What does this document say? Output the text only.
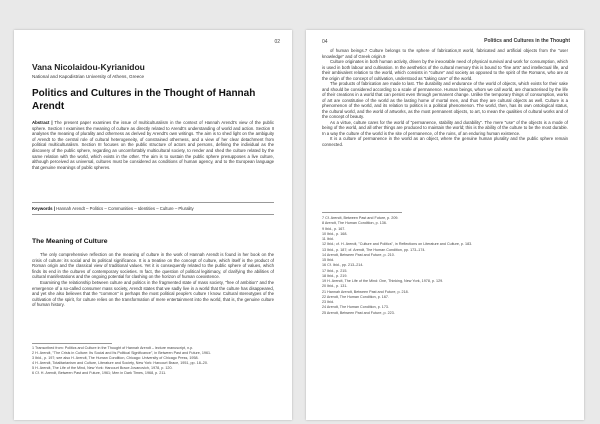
02
Vana Nicolaidou-Kyrianidou
National and Kapodistrian University of Athens, Greece
Politics and Cultures in the Thought of Hannah Arendt
Abstract | The present paper examines the issue of multiculturalism in the context of Hannah Arendt's view of the public sphere. Section I examines the meaning of culture as directly related to Arendt's understanding of world and action. Section II analyses the meaning of plurality and otherness as derived by Arendt's own writings. The aim is to shed light on the ambiguity of Arendt to the central role of cultural heterogeneity, of constrained otherness, and a view of her clear detachment from political multiculturalism. Section III focuses on the public structure of actors and persons, defining the individual as the discovery of the public sphere, regarding an uncomfortably multicultural society, to render and shed the culture related by the same relation with the world, which exists in the other. The aim is to sustain the public sphere presupposes a live culture, although perceived as universal, cultures must be considered as conditions of human agency, and to the European language that genuine meanings of public spheres.
Keywords | Hannah Arendt – Politics – Communities – Identities – Culture – Plurality
The Meaning of Culture

The only comprehensive reflection on the meaning of culture in the work of Hannah Arendt is found in her book on the crisis of culture: its social and its political significance. It is a treatise on the concept of culture, which itself is the product of Roman origin and the classical view of traditional values. Yet it is consequently related to the public sphere of values, which finds its end in the cultures of contemporary societies. In fact, the question of political legitimacy, of clarifying the abilities of cultural manifestations and the ongoing potential for clashing on the horizon of human coexistence.

Examining the relationship between culture and politics in the fragmented state of mass society, "free of ambition" and the emergence of a so-called consumer mass society, Arendt states that we sadly live in a world that the culture has disappeared, and yet she also believes that the "common" is perhaps the most political people's culture I know. Cultural stereotypes of the cultivation of the spirit, for culture relies on the transformation of mere entertainment into the world, that is, the genuine culture of human history.

1 Transcribed from: Politics and Culture in the Thought of Hannah Arendt – lecture manuscript, n.p.
2 H. Arendt, "The Crisis in Culture: Its Social and Its Political Significance", in Between Past and Future, 1961.
3 Ibid., p. 197; see also H. Arendt, The Human Condition, Chicago: University of Chicago Press, 1958.
4 H. Arendt, Totalitarianism and Culture, Literature and Society, New York: Harcourt Brace, 1951, pp. 18–20.
5 H. Arendt, The Life of the Mind, New York: Harcourt Brace Jovanovich, 1978, p. 120.
6 Cf. H. Arendt, Between Past and Future, 1961; Men in Dark Times, 1968, p. 211.
04	Politics and Cultures in the Thought

of human beings.7 Culture belongs to the sphere of fabrication,8 world, fabricated and artificial objects from the "user knowledge" and of Greek origin.9

Culture originates in both human activity, driven by the inexorable need of physical survival and work for consumption, which is used in both labour and cultivation. In the aesthetics of the cultural memory this is bound to "fine arts" and intellectual life, and their ambivalent relation to the world, which consists in "culture" and society as opposed to the spirit of the Romans, who are at the origin of the concept of cultivation, understood as "taking care" of the world.

The products of fabrication are made to last. The durability and endurance of the world of objects, which exists for their sake and should be considered according to a scale of permanence. Human beings, whom we call world, are characterised by the life of their creations in a world that can persist even through permanent change. Unlike the temporary things of consumption, works of art are constitutive of the world as the lasting home of mortal men, and thus they are cultural objects as well. Culture is a phenomenon of the world, and its relation to politics is a political phenomenon. The world, then, has its own ontological status, the cultural world, and the world of artworks, as the most permanent objects, to art, to mean the qualities of cultural works and of the concept of beauty.

As a virtue, culture cares for the world of "permanence, stability and durability". The mere "use" of the objects is a mode of being of the world, and all other things are produced to maintain the world; this is the ability of the culture to be the most durable. In a way the culture of the world is the site of permanence, of the ruins, of an enduring human existence.

It is a culture of permanence in the world as an object, where the genuine human plurality and the public sphere remain connected.

7 Cf. Arendt, Between Past and Future, p. 209.
8 Arendt, The Human Condition, p. 136.
9 Ibid., p. 167.
10 Ibid., p. 168.
11 Ibid.
12 Ibid.; cf. H. Arendt, "Culture and Politics", in Reflections on Literature and Culture, p. 183.
13 Ibid., p. 187; cf. Arendt, The Human Condition, pp. 173–174.
14 Arendt, Between Past and Future, p. 210.
15 Ibid.
16 Cf. Ibid., pp. 213–214.
17 Ibid., p. 215.
18 Ibid., p. 219.
19 H. Arendt, The Life of the Mind: One, Thinking, New York, 1978, p. 129.
20 Ibid., p. 131.
21 Hannah Arendt, Between Past and Future, p. 218.
22 Arendt, The Human Condition, p. 167.
23 Ibid.
24 Arendt, The Human Condition, p. 173.
25 Arendt, Between Past and Future, p. 223.
